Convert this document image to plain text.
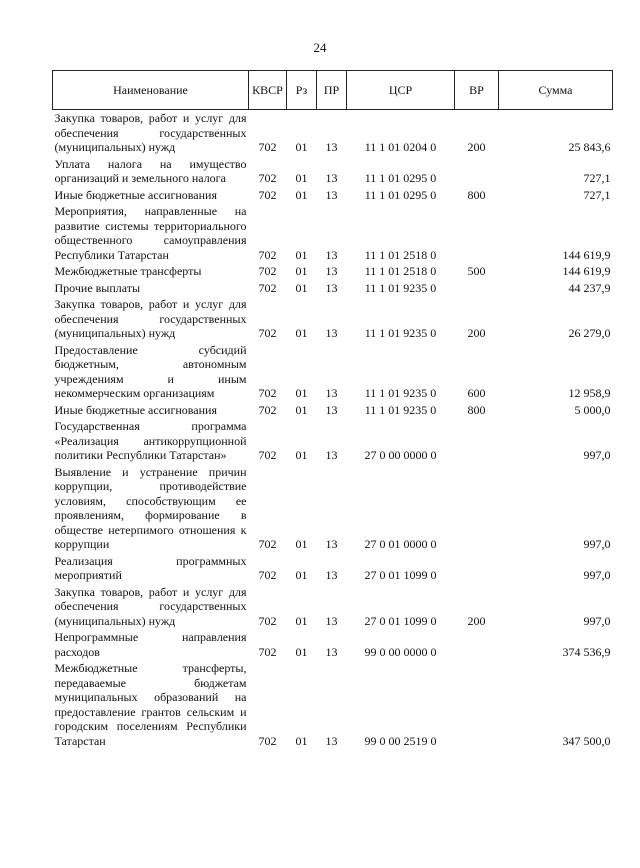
24
Наименование	КВСР	Рз	ПР	ЦСР	ВР	Сумма
Закупка товаров, работ и услуг для обеспечения государственных (муниципальных) нужд	702	01	13	11 1 01 0204 0	200	25 843,6
Уплата налога на имущество организаций и земельного налога	702	01	13	11 1 01 0295 0		727,1
Иные бюджетные ассигнования	702	01	13	11 1 01 0295 0	800	727,1
Мероприятия, направленные на развитие системы территориального общественного самоуправления Республики Татарстан	702	01	13	11 1 01 2518 0		144 619,9
Межбюджетные трансферты	702	01	13	11 1 01 2518 0	500	144 619,9
Прочие выплаты	702	01	13	11 1 01 9235 0		44 237,9
Закупка товаров, работ и услуг для обеспечения государственных (муниципальных) нужд	702	01	13	11 1 01 9235 0	200	26 279,0
Предоставление субсидий бюджетным, автономным учреждениям и иным некоммерческим организациям	702	01	13	11 1 01 9235 0	600	12 958,9
Иные бюджетные ассигнования	702	01	13	11 1 01 9235 0	800	5 000,0
Государственная программа «Реализация антикоррупционной политики Республики Татарстан»	702	01	13	27 0 00 0000 0		997,0
Выявление и устранение причин коррупции, противодействие условиям, способствующим ее проявлениям, формирование в обществе нетерпимого отношения к коррупции	702	01	13	27 0 01 0000 0		997,0
Реализация программных мероприятий	702	01	13	27 0 01 1099 0		997,0
Закупка товаров, работ и услуг для обеспечения государственных (муниципальных) нужд	702	01	13	27 0 01 1099 0	200	997,0
Непрограммные направления расходов	702	01	13	99 0 00 0000 0		374 536,9
Межбюджетные трансферты, передаваемые бюджетам муниципальных образований на предоставление грантов сельским и городским поселениям Республики Татарстан	702	01	13	99 0 00 2519 0		347 500,0
